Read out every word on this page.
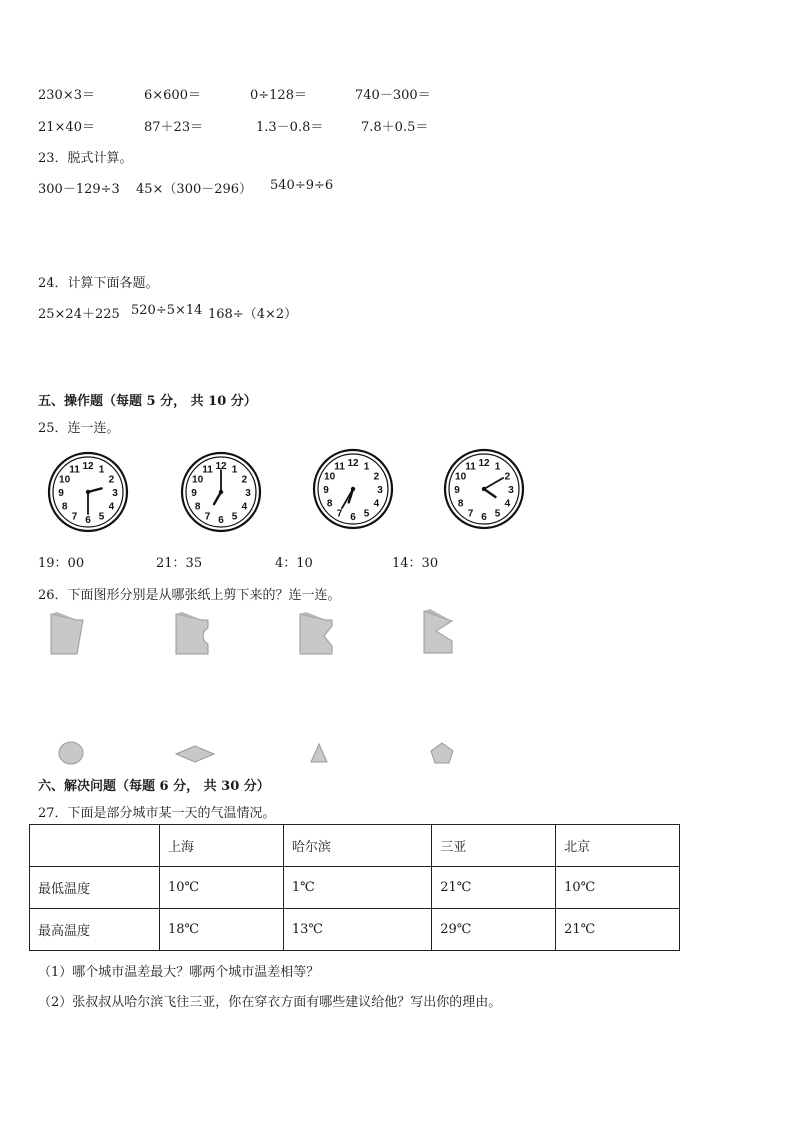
230×3＝	6×600＝	0÷128＝	740－300＝
21×40＝	87＋23＝	1.3－0.8＝	7.8＋0.5＝
23．脱式计算。
300－129÷3 45×（300－296） 540÷9÷6
24．计算下面各题。
25×24＋225 520÷5×14 168÷（4×2）
五、操作题（每题 5 分， 共 10 分）
25．连一连。
12 1
2
3
4
5
6
7
8
9
10
11	12 1
2
3
4
5
6
7
8
9
10
11
12 1
2
3
4
5
6
7
8
9
10
11	12 1
2
3
4
5
6
7
8
9
10
11
19：00	21：35	4：10	14：30
26．下面图形分别是从哪张纸上剪下来的？连一连。
六、解决问题（每题 6 分， 共 30 分）
27．下面是部分城市某一天的气温情况。
	上海	哈尔滨	三亚	北京
最低温度	10℃	1℃	21℃	10℃
最高温度	18℃	13℃	29℃	21℃
（1）哪个城市温差最大？哪两个城市温差相等？
（2）张叔叔从哈尔滨飞往三亚，你在穿衣方面有哪些建议给他？写出你的理由。
